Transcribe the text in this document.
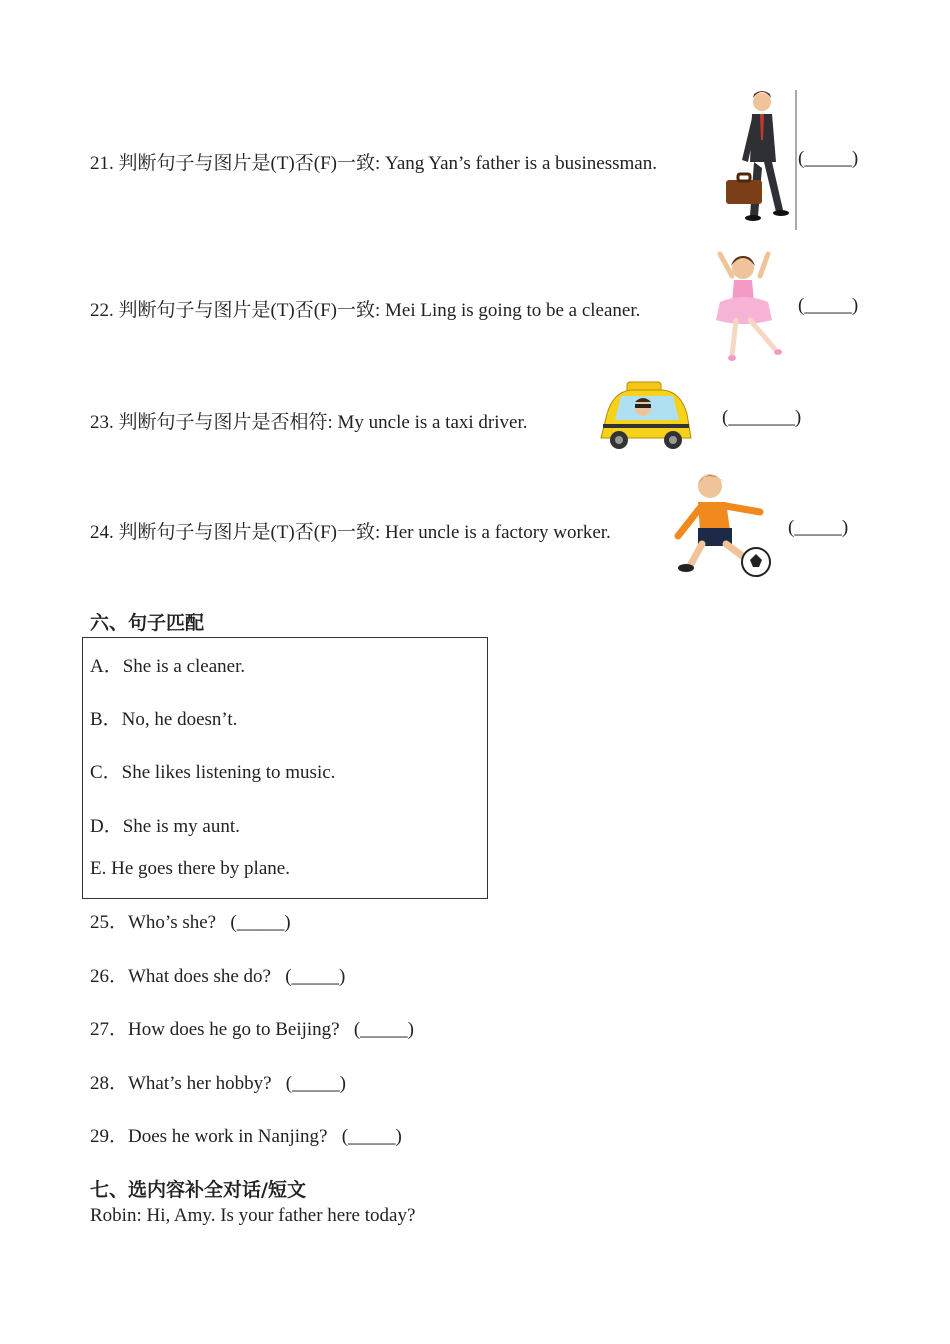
21. 判断句子与图片是(T)否(F)一致: Yang Yan’s father is a businessman.	(_____)
22. 判断句子与图片是(T)否(F)一致: Mei Ling is going to be a cleaner.	(_____)
23. 判断句子与图片是否相符: My uncle is a taxi driver.	(_______)
24. 判断句子与图片是(T)否(F)一致: Her uncle is a factory worker.	(_____)
六、句子匹配
A．She is a cleaner.
B．No, he doesn’t.
C．She likes listening to music.
D．She is my aunt.
E. He goes there by plane.
25．Who’s she? (_____)
26．What does she do? (_____)
27．How does he go to Beijing? (_____)
28．What’s her hobby? (_____)
29．Does he work in Nanjing? (_____)
七、选内容补全对话/短文
Robin: Hi, Amy. Is your father here today?
